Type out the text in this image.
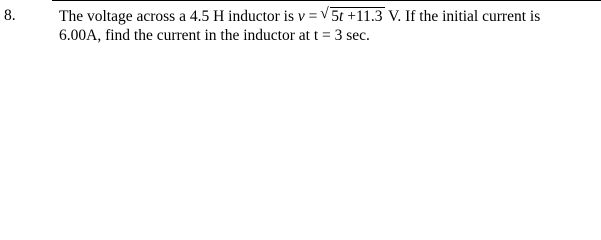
8.	The voltage across a 4.5 H inductor is v = √ 5t +11.3 V. If the initial current is
6.00A, find the current in the inductor at t = 3 sec.
